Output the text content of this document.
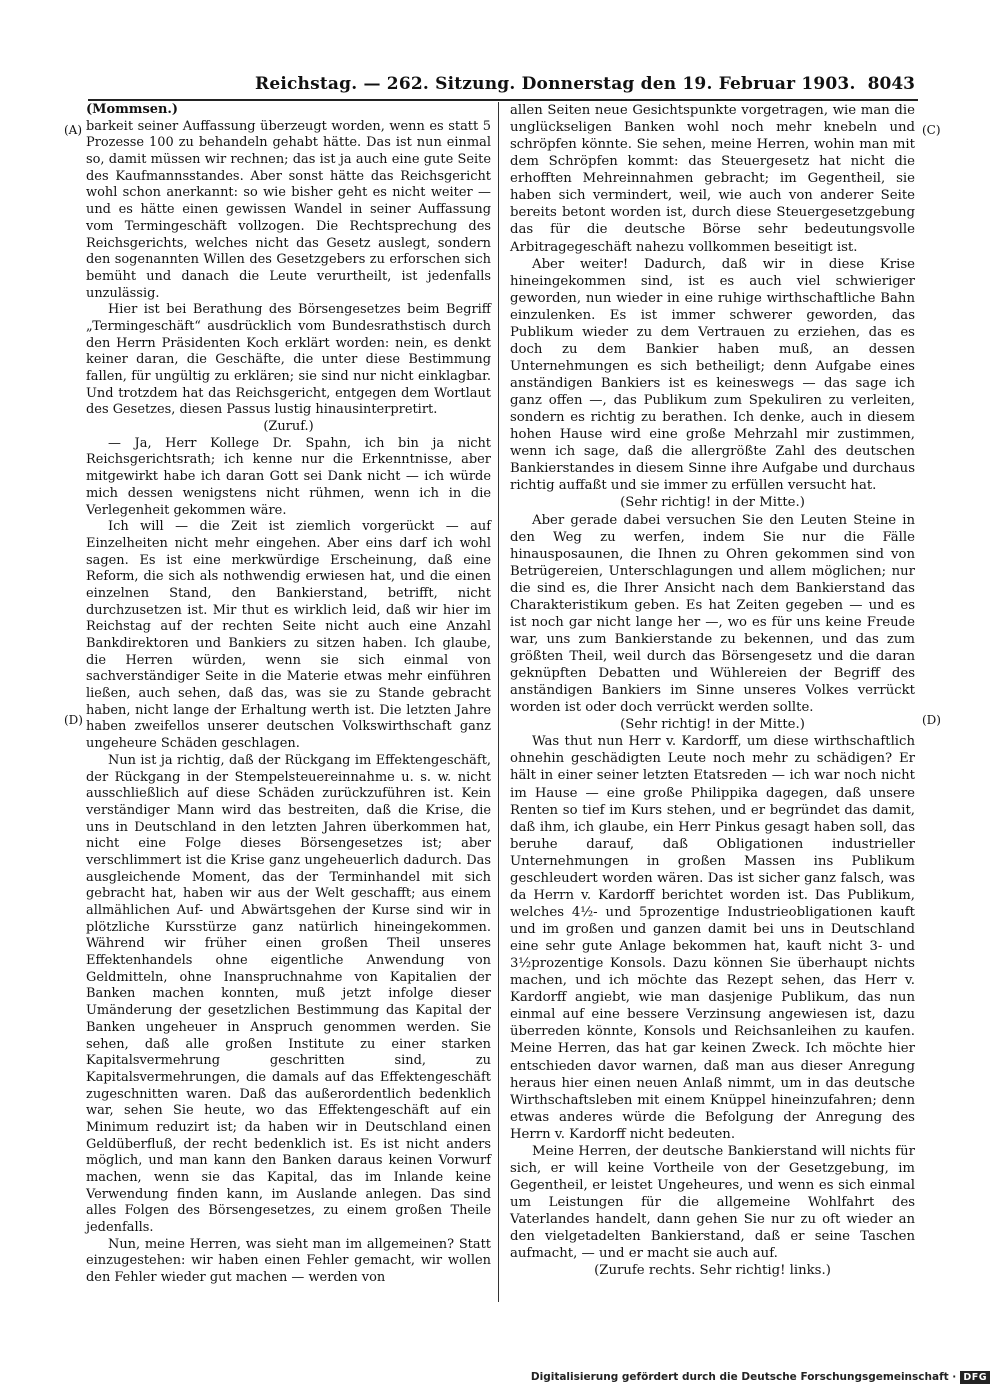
Reichstag. — 262. Sitzung. Donnerstag den 19. Februar 1903. 8043
(A)	(C)
(D)	(D)

(Mommsen.)

barkeit seiner Auffassung überzeugt worden, wenn es statt 5 Prozesse 100 zu behandeln gehabt hätte. Das ist nun einmal so, damit müssen wir rechnen; das ist ja auch eine gute Seite des Kaufmannsstandes. Aber sonst hätte das Reichsgericht wohl schon anerkannt: so wie bisher geht es nicht weiter — und es hätte einen gewissen Wandel in seiner Auffassung vom Termingeschäft vollzogen. Die Rechtsprechung des Reichsgerichts, welches nicht das Gesetz auslegt, sondern den sogenannten Willen des Gesetzgebers zu erforschen sich bemüht und danach die Leute verurtheilt, ist jedenfalls unzulässig.

Hier ist bei Berathung des Börsengesetzes beim Begriff „Termingeschäft“ ausdrücklich vom Bundesrathstisch durch den Herrn Präsidenten Koch erklärt worden: nein, es denkt keiner daran, die Geschäfte, die unter diese Bestimmung fallen, für ungültig zu erklären; sie sind nur nicht einklagbar. Und trotzdem hat das Reichsgericht, entgegen dem Wortlaut des Gesetzes, diesen Passus lustig hinausinterpretirt.

(Zuruf.)

— Ja, Herr Kollege Dr. Spahn, ich bin ja nicht Reichsgerichtsrath; ich kenne nur die Erkenntnisse, aber mitgewirkt habe ich daran Gott sei Dank nicht — ich würde mich dessen wenigstens nicht rühmen, wenn ich in die Verlegenheit gekommen wäre.

Ich will — die Zeit ist ziemlich vorgerückt — auf Einzelheiten nicht mehr eingehen. Aber eins darf ich wohl sagen. Es ist eine merkwürdige Erscheinung, daß eine Reform, die sich als nothwendig erwiesen hat, und die einen einzelnen Stand, den Bankierstand, betrifft, nicht durchzusetzen ist. Mir thut es wirklich leid, daß wir hier im Reichstag auf der rechten Seite nicht auch eine Anzahl Bankdirektoren und Bankiers zu sitzen haben. Ich glaube, die Herren würden, wenn sie sich einmal von sachverständiger Seite in die Materie etwas mehr einführen ließen, auch sehen, daß das, was sie zu Stande gebracht haben, nicht lange der Erhaltung werth ist. Die letzten Jahre haben zweifellos unserer deutschen Volkswirthschaft ganz ungeheure Schäden geschlagen.

Nun ist ja richtig, daß der Rückgang im Effektengeschäft, der Rückgang in der Stempelsteuereinnahme u. s. w. nicht ausschließlich auf diese Schäden zurückzuführen ist. Kein verständiger Mann wird das bestreiten, daß die Krise, die uns in Deutschland in den letzten Jahren überkommen hat, nicht eine Folge dieses Börsengesetzes ist; aber verschlimmert ist die Krise ganz ungeheuerlich dadurch. Das ausgleichende Moment, das der Terminhandel mit sich gebracht hat, haben wir aus der Welt geschafft; aus einem allmählichen Auf- und Abwärtsgehen der Kurse sind wir in plötzliche Kursstürze ganz natürlich hineingekommen. Während wir früher einen großen Theil unseres Effektenhandels ohne eigentliche Anwendung von Geldmitteln, ohne Inanspruchnahme von Kapitalien der Banken machen konnten, muß jetzt infolge dieser Umänderung der gesetzlichen Bestimmung das Kapital der Banken ungeheuer in Anspruch genommen werden. Sie sehen, daß alle großen Institute zu einer starken Kapitalsvermehrung geschritten sind, zu Kapitalsvermehrungen, die damals auf das Effektengeschäft zugeschnitten waren. Daß das außerordentlich bedenklich war, sehen Sie heute, wo das Effektengeschäft auf ein Minimum reduzirt ist; da haben wir in Deutschland einen Geldüberfluß, der recht bedenklich ist. Es ist nicht anders möglich, und man kann den Banken daraus keinen Vorwurf machen, wenn sie das Kapital, das im Inlande keine Verwendung finden kann, im Auslande anlegen. Das sind alles Folgen des Börsengesetzes, zu einem großen Theile jedenfalls.

Nun, meine Herren, was sieht man im allgemeinen? Statt einzugestehen: wir haben einen Fehler gemacht, wir wollen den Fehler wieder gut machen — werden von

allen Seiten neue Gesichtspunkte vorgetragen, wie man die unglückseligen Banken wohl noch mehr knebeln und schröpfen könnte. Sie sehen, meine Herren, wohin man mit dem Schröpfen kommt: das Steuergesetz hat nicht die erhofften Mehreinnahmen gebracht; im Gegentheil, sie haben sich vermindert, weil, wie auch von anderer Seite bereits betont worden ist, durch diese Steuergesetzgebung das für die deutsche Börse sehr bedeutungsvolle Arbitragegeschäft nahezu vollkommen beseitigt ist.

Aber weiter! Dadurch, daß wir in diese Krise hineingekommen sind, ist es auch viel schwieriger geworden, nun wieder in eine ruhige wirthschaftliche Bahn einzulenken. Es ist immer schwerer geworden, das Publikum wieder zu dem Vertrauen zu erziehen, das es doch zu dem Bankier haben muß, an dessen Unternehmungen es sich betheiligt; denn Aufgabe eines anständigen Bankiers ist es keineswegs — das sage ich ganz offen —, das Publikum zum Spekuliren zu verleiten, sondern es richtig zu berathen. Ich denke, auch in diesem hohen Hause wird eine große Mehrzahl mir zustimmen, wenn ich sage, daß die allergrößte Zahl des deutschen Bankierstandes in diesem Sinne ihre Aufgabe und durchaus richtig auffaßt und sie immer zu erfüllen versucht hat.

(Sehr richtig! in der Mitte.)

Aber gerade dabei versuchen Sie den Leuten Steine in den Weg zu werfen, indem Sie nur die Fälle hinausposaunen, die Ihnen zu Ohren gekommen sind von Betrügereien, Unterschlagungen und allem möglichen; nur die sind es, die Ihrer Ansicht nach dem Bankierstand das Charakteristikum geben. Es hat Zeiten gegeben — und es ist noch gar nicht lange her —, wo es für uns keine Freude war, uns zum Bankierstande zu bekennen, und das zum größten Theil, weil durch das Börsengesetz und die daran geknüpften Debatten und Wühlereien der Begriff des anständigen Bankiers im Sinne unseres Volkes verrückt worden ist oder doch verrückt werden sollte.

(Sehr richtig! in der Mitte.)

Was thut nun Herr v. Kardorff, um diese wirthschaftlich ohnehin geschädigten Leute noch mehr zu schädigen? Er hält in einer seiner letzten Etatsreden — ich war noch nicht im Hause — eine große Philippika dagegen, daß unsere Renten so tief im Kurs stehen, und er begründet das damit, daß ihm, ich glaube, ein Herr Pinkus gesagt haben soll, das beruhe darauf, daß Obligationen industrieller Unternehmungen in großen Massen ins Publikum geschleudert worden wären. Das ist sicher ganz falsch, was da Herrn v. Kardorff berichtet worden ist. Das Publikum, welches 4½- und 5prozentige Industrieobligationen kauft und im großen und ganzen damit bei uns in Deutschland eine sehr gute Anlage bekommen hat, kauft nicht 3- und 3½prozentige Konsols. Dazu können Sie überhaupt nichts machen, und ich möchte das Rezept sehen, das Herr v. Kardorff angiebt, wie man dasjenige Publikum, das nun einmal auf eine bessere Verzinsung angewiesen ist, dazu überreden könnte, Konsols und Reichsanleihen zu kaufen. Meine Herren, das hat gar keinen Zweck. Ich möchte hier entschieden davor warnen, daß man aus dieser Anregung heraus hier einen neuen Anlaß nimmt, um in das deutsche Wirthschaftsleben mit einem Knüppel hineinzufahren; denn etwas anderes würde die Befolgung der Anregung des Herrn v. Kardorff nicht bedeuten.

Meine Herren, der deutsche Bankierstand will nichts für sich, er will keine Vortheile von der Gesetzgebung, im Gegentheil, er leistet Ungeheures, und wenn es sich einmal um Leistungen für die allgemeine Wohlfahrt des Vaterlandes handelt, dann gehen Sie nur zu oft wieder an den vielgetadelten Bankierstand, daß er seine Taschen aufmacht, — und er macht sie auch auf.

(Zurufe rechts. Sehr richtig! links.)

Digitalisierung gefördert durch die Deutsche Forschungsgemeinschaft · DFG
